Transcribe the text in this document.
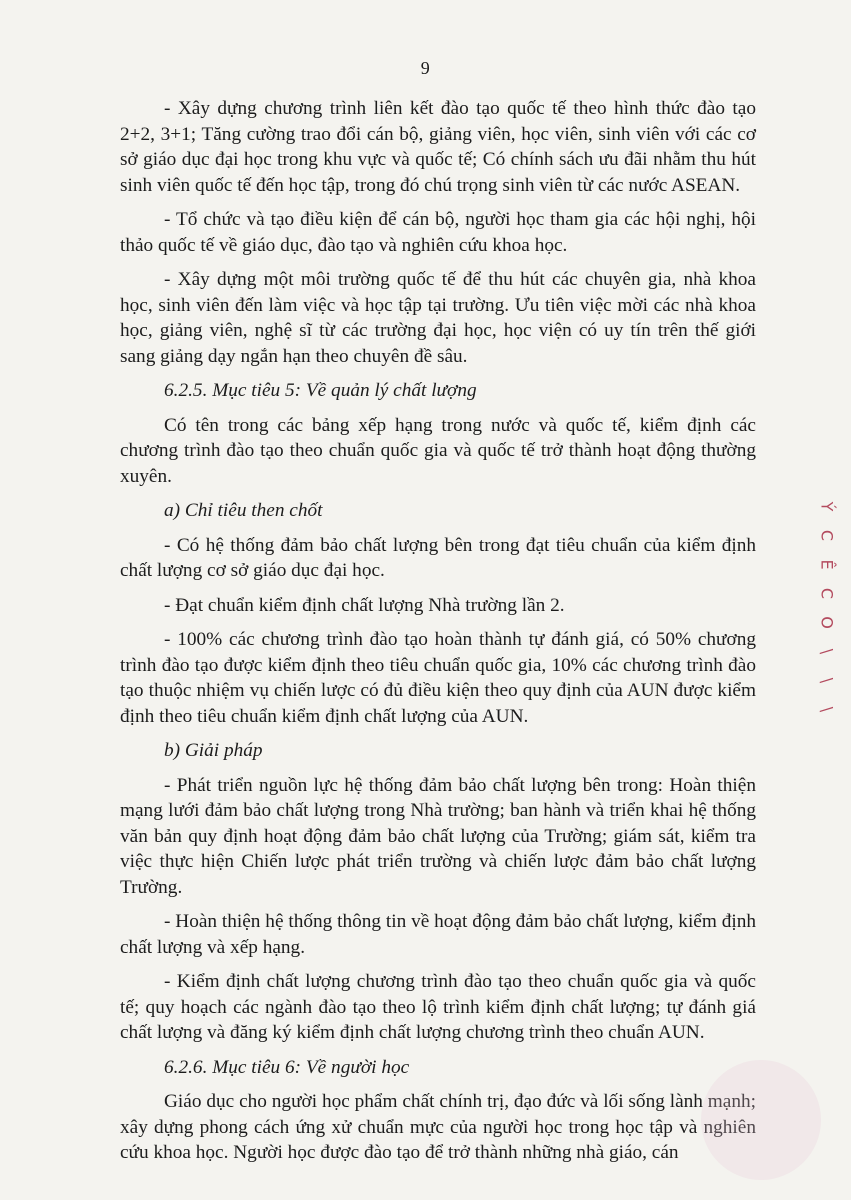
9

- Xây dựng chương trình liên kết đào tạo quốc tế theo hình thức đào tạo 2+2, 3+1; Tăng cường trao đổi cán bộ, giảng viên, học viên, sinh viên với các cơ sở giáo dục đại học trong khu vực và quốc tế; Có chính sách ưu đãi nhằm thu hút sinh viên quốc tế đến học tập, trong đó chú trọng sinh viên từ các nước ASEAN.

- Tổ chức và tạo điều kiện để cán bộ, người học tham gia các hội nghị, hội thảo quốc tế về giáo dục, đào tạo và nghiên cứu khoa học.

- Xây dựng một môi trường quốc tế để thu hút các chuyên gia, nhà khoa học, sinh viên đến làm việc và học tập tại trường. Ưu tiên việc mời các nhà khoa học, giảng viên, nghệ sĩ từ các trường đại học, học viện có uy tín trên thế giới sang giảng dạy ngắn hạn theo chuyên đề sâu.

6.2.5. Mục tiêu 5: Về quản lý chất lượng

Có tên trong các bảng xếp hạng trong nước và quốc tế, kiểm định các chương trình đào tạo theo chuẩn quốc gia và quốc tế trở thành hoạt động thường xuyên.

a) Chỉ tiêu then chốt

- Có hệ thống đảm bảo chất lượng bên trong đạt tiêu chuẩn của kiểm định chất lượng cơ sở giáo dục đại học.

- Đạt chuẩn kiểm định chất lượng Nhà trường lần 2.

- 100% các chương trình đào tạo hoàn thành tự đánh giá, có 50% chương trình đào tạo được kiểm định theo tiêu chuẩn quốc gia, 10% các chương trình đào tạo thuộc nhiệm vụ chiến lược có đủ điều kiện theo quy định của AUN được kiểm định theo tiêu chuẩn kiểm định chất lượng của AUN.

b) Giải pháp

- Phát triển nguồn lực hệ thống đảm bảo chất lượng bên trong: Hoàn thiện mạng lưới đảm bảo chất lượng trong Nhà trường; ban hành và triển khai hệ thống văn bản quy định hoạt động đảm bảo chất lượng của Trường; giám sát, kiểm tra việc thực hiện Chiến lược phát triển trường và chiến lược đảm bảo chất lượng Trường.

- Hoàn thiện hệ thống thông tin về hoạt động đảm bảo chất lượng, kiểm định chất lượng và xếp hạng.

- Kiểm định chất lượng chương trình đào tạo theo chuẩn quốc gia và quốc tế; quy hoạch các ngành đào tạo theo lộ trình kiểm định chất lượng; tự đánh giá chất lượng và đăng ký kiểm định chất lượng chương trình theo chuẩn AUN.

6.2.6. Mục tiêu 6: Về người học

Giáo dục cho người học phẩm chất chính trị, đạo đức và lối sống lành mạnh; xây dựng phong cách ứng xử chuẩn mực của người học trong học tập và nghiên cứu khoa học. Người học được đào tạo để trở thành những nhà giáo, cán

Ý
C
Ê
C
O
\
\
\
